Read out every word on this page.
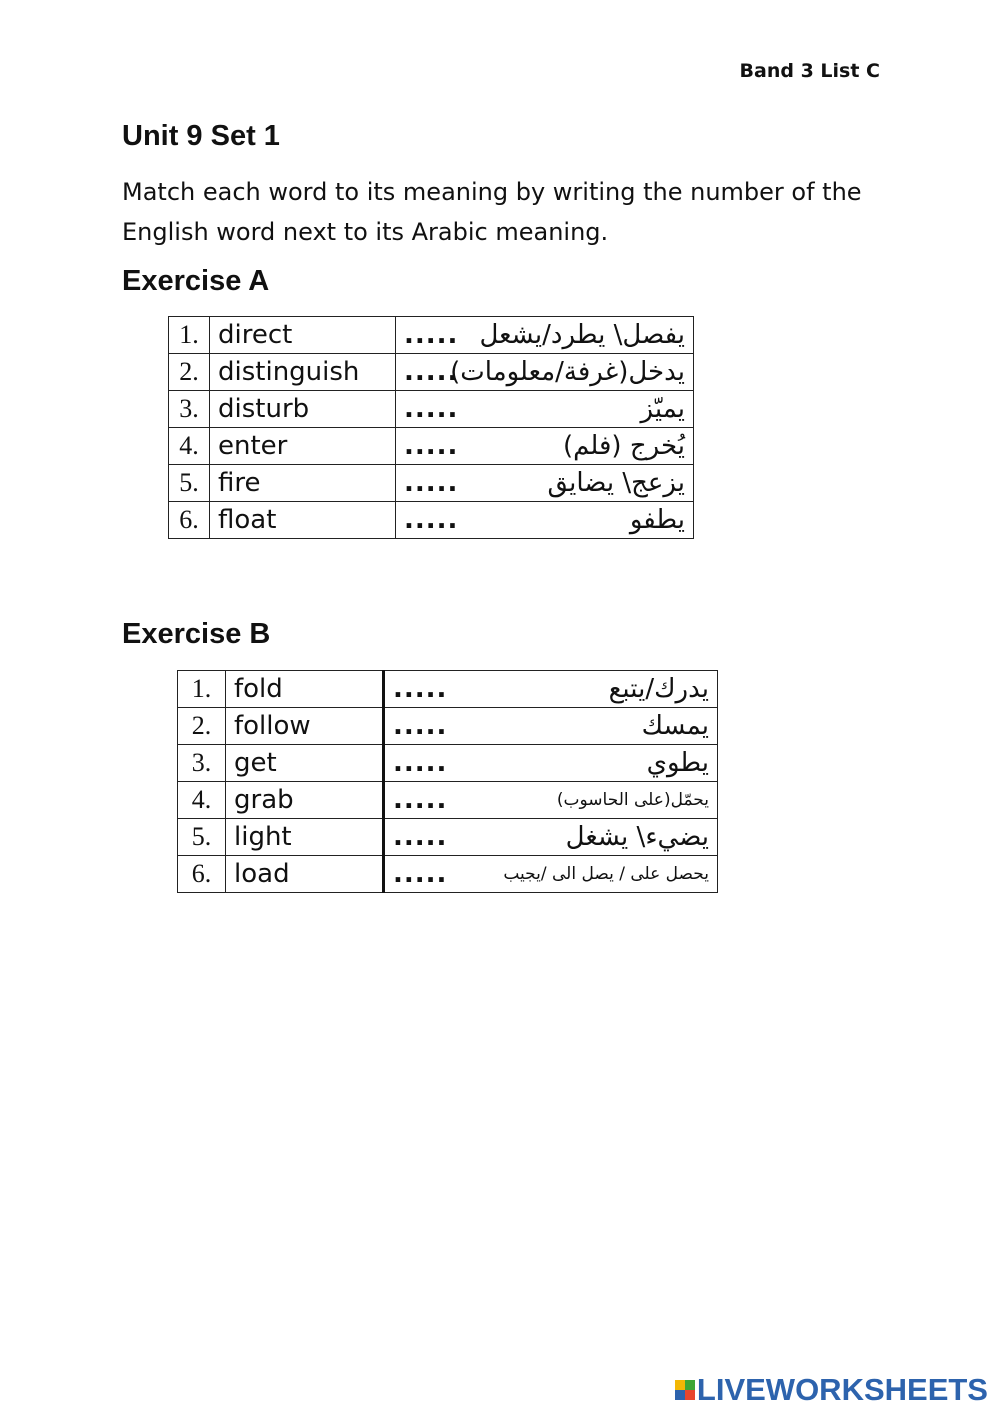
Band 3 List C
Unit 9 Set 1
Match each word to its meaning by writing the number of the English word next to its Arabic meaning.
Exercise A
1.	direct	.....	يفصل\ يطرد/يشعل
2.	distinguish	.....	يدخل(غرفة/معلومات)
3.	disturb	.....	يميّز
4.	enter	.....	يُخرج (فلم)
5.	fire	.....	يزعج\ يضايق
6.	float	.....	يطفو
Exercise B
1.	fold	.....	يدرك/يتبع
2.	follow	.....	يمسك
3.	get	.....	يطوي
4.	grab	.....	يحمّل(على الحاسوب)
5.	light	.....	يضيء\ يشغل
6.	load	.....	يحصل على / يصل الى /يجيب
LIVEWORKSHEETS
